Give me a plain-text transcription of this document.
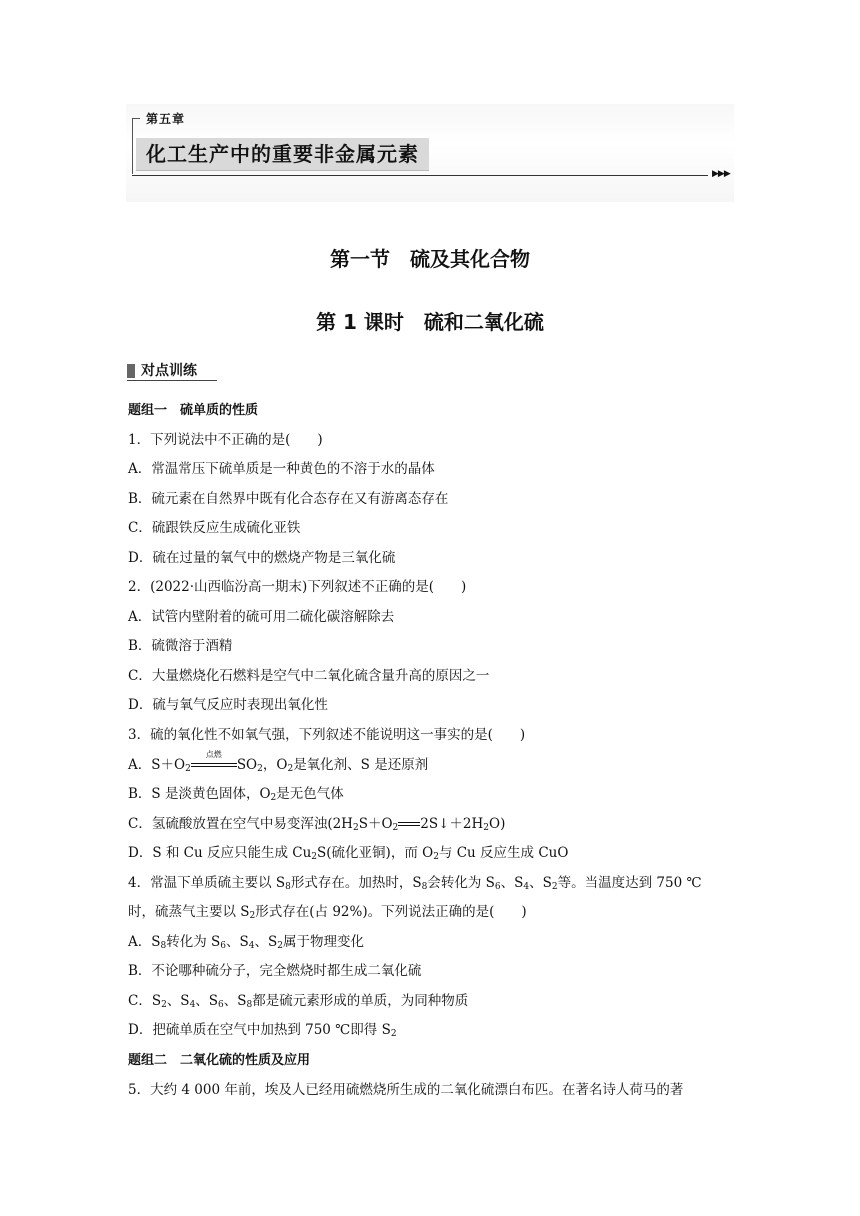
第五章
化工生产中的重要非金属元素
▶▶▶
第一节　硫及其化合物
第 1 课时　硫和二氧化硫
对点训练
题组一　硫单质的性质
1．下列说法中不正确的是(　　)
A．常温常压下硫单质是一种黄色的不溶于水的晶体
B．硫元素在自然界中既有化合态存在又有游离态存在
C．硫跟铁反应生成硫化亚铁
D．硫在过量的氧气中的燃烧产物是三氧化硫
2．(2022·山西临汾高一期末)下列叙述不正确的是(　　)
A．试管内壁附着的硫可用二硫化碳溶解除去
B．硫微溶于酒精
C．大量燃烧化石燃料是空气中二氧化硫含量升高的原因之一
D．硫与氧气反应时表现出氧化性
3．硫的氧化性不如氧气强，下列叙述不能说明这一事实的是(　　)
A．$S+O_2$
点燃
$SO_2$，$O_2$是氧化剂、S 是还原剂
B．S 是淡黄色固体，$O_2$是无色气体
C．氢硫酸放置在空气中易变浑浊($2H_2S+O_2$ $2S↓+2H_2O$)
D．S 和 Cu 反应只能生成 $Cu_2S$(硫化亚铜)，而 $O_2$与 Cu 反应生成 CuO
4．常温下单质硫主要以 $S_8$形式存在。加热时，$S_8$会转化为 $S_6$、$S_4$、$S_2$等。当温度达到 750 ℃
时，硫蒸气主要以 $S_2$形式存在(占 92%)。下列说法正确的是(　　)
A．$S_8$转化为 $S_6$、$S_4$、$S_2$属于物理变化
B．不论哪种硫分子，完全燃烧时都生成二氧化硫
C．$S_2$、$S_4$、$S_6$、$S_8$都是硫元素形成的单质，为同种物质
D．把硫单质在空气中加热到 750 ℃即得 $S_2$
题组二　二氧化硫的性质及应用
5．大约 4 000 年前，埃及人已经用硫燃烧所生成的二氧化硫漂白布匹。在著名诗人荷马的著
